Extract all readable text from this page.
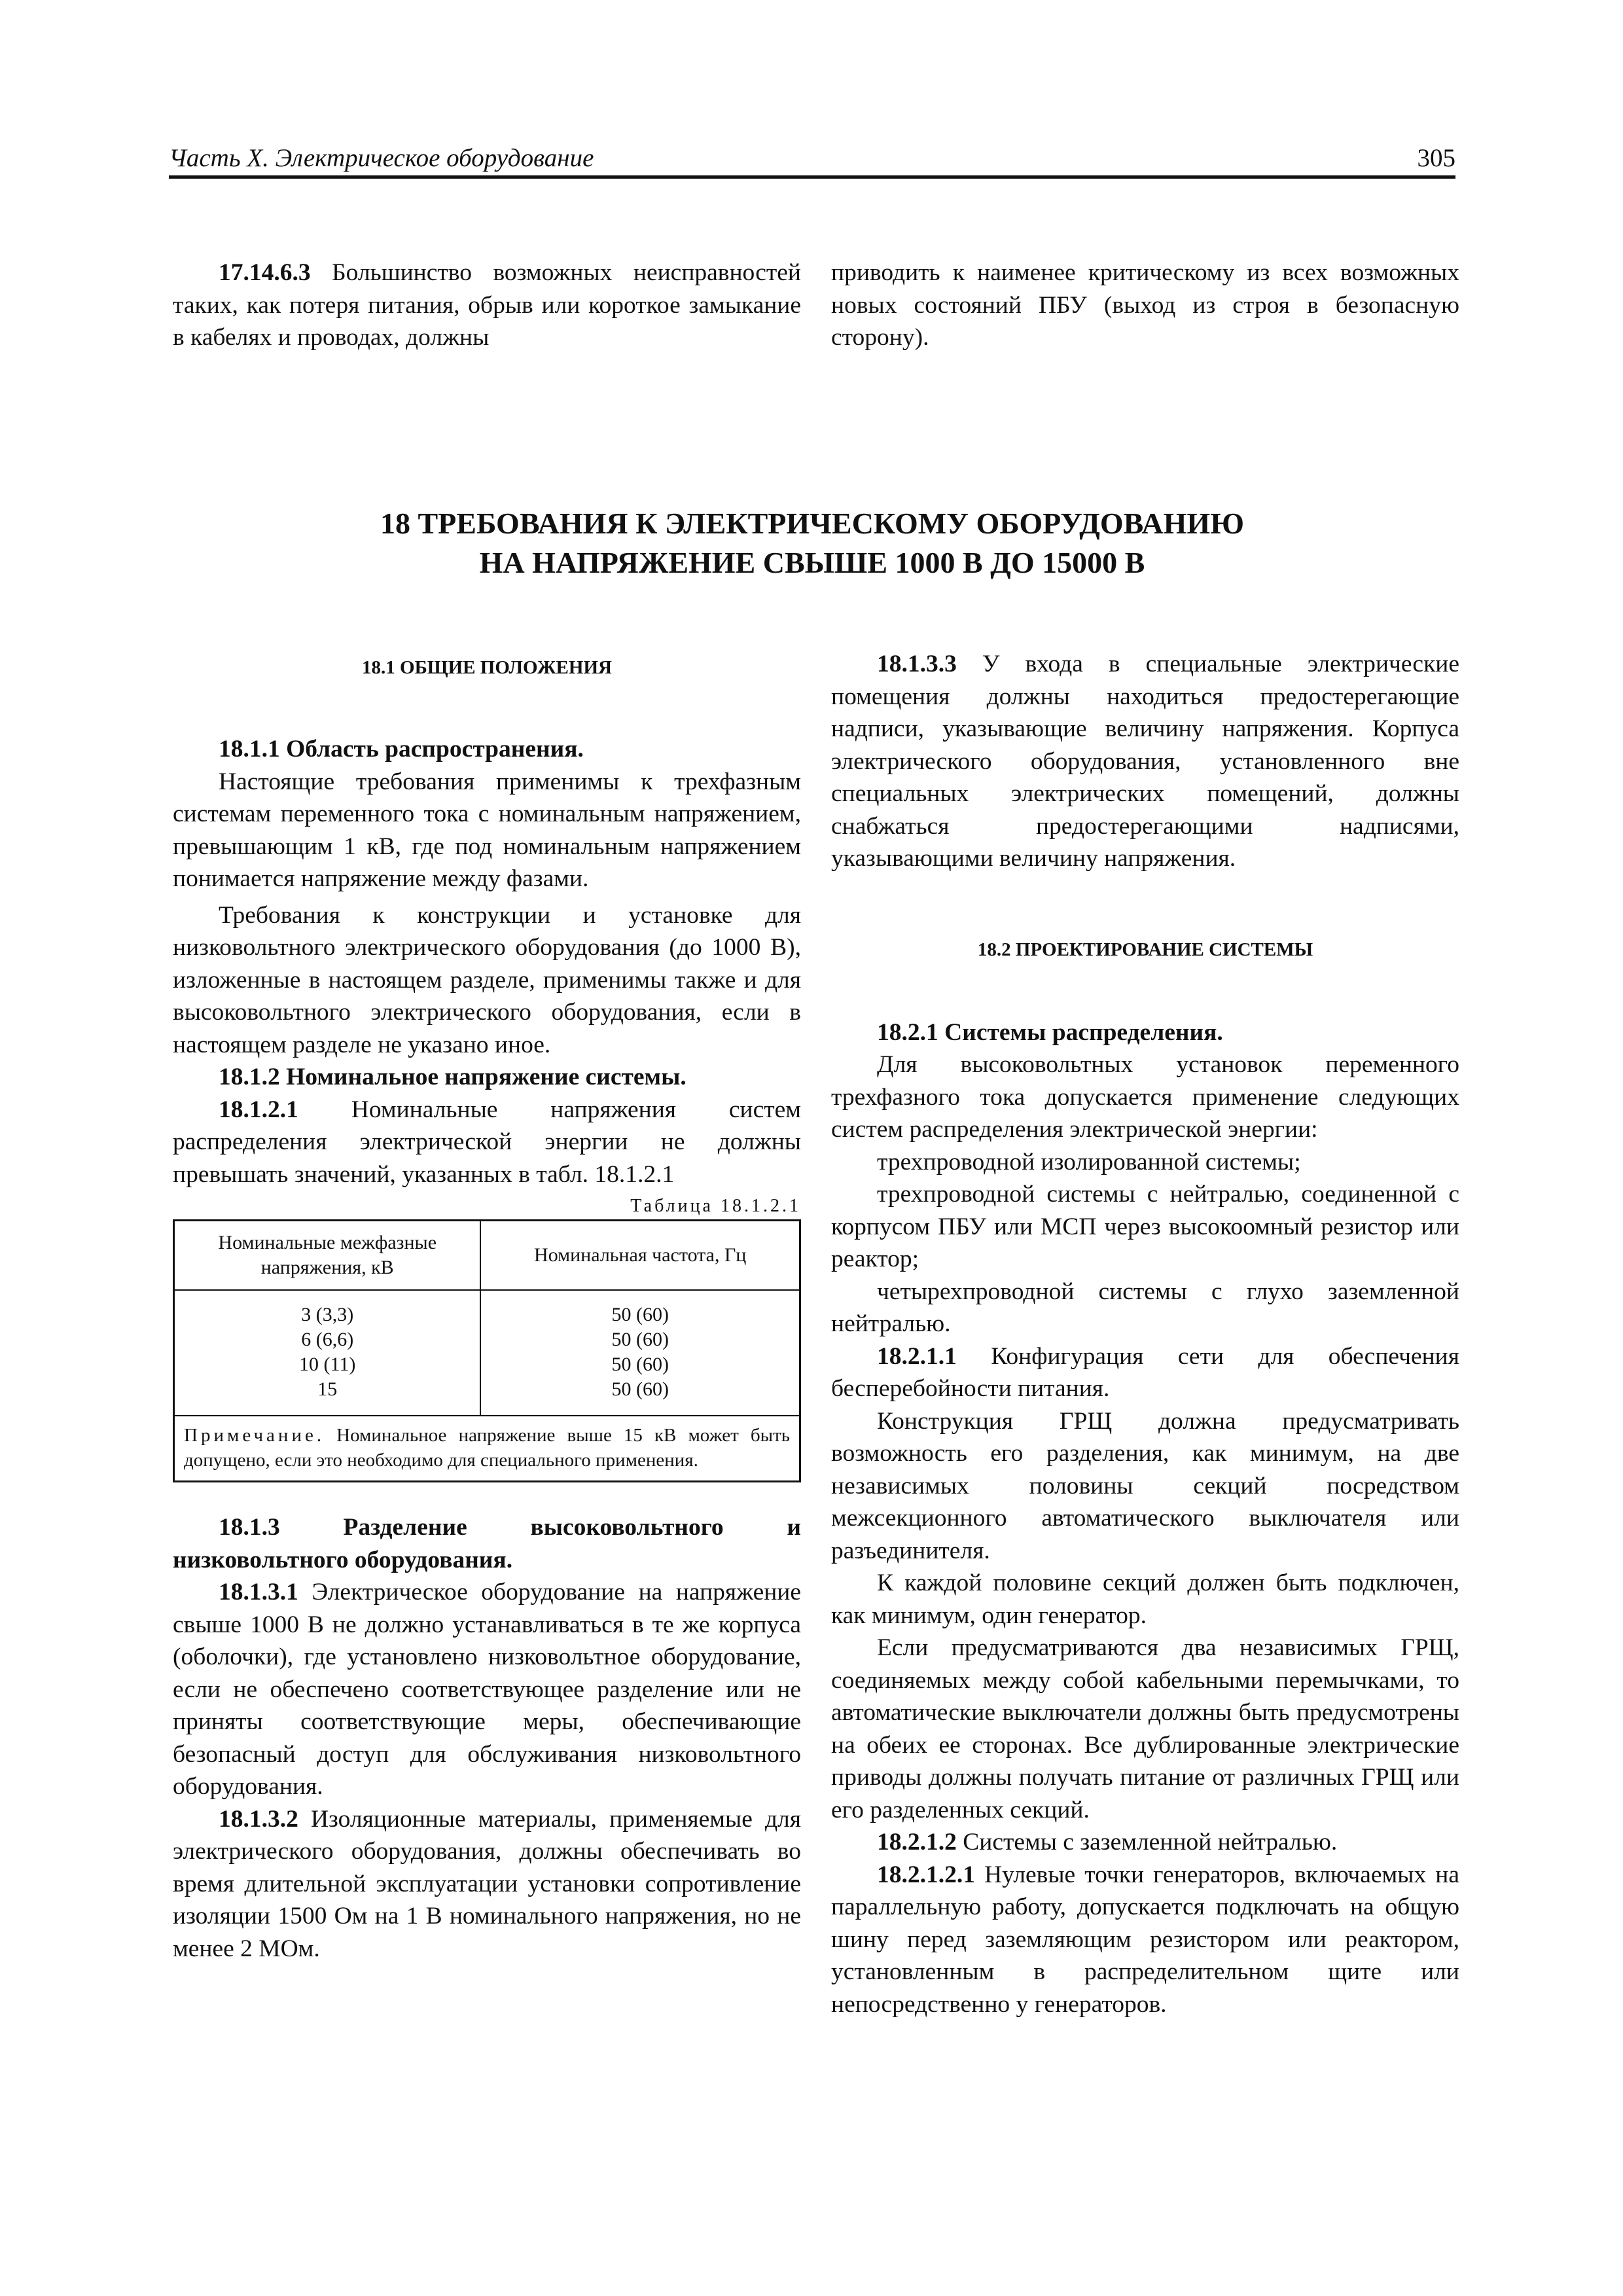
Часть X. Электрическое оборудование	305

17.14.6.3 Большинство возможных неисправностей таких, как потеря питания, обрыв или короткое замыкание в кабелях и проводах, должны

приводить к наименее критическому из всех возможных новых состояний ПБУ (выход из строя в безопасную сторону).

18 ТРЕБОВАНИЯ К ЭЛЕКТРИЧЕСКОМУ ОБОРУДОВАНИЮ
НА НАПРЯЖЕНИЕ СВЫШЕ 1000 В ДО 15000 В

18.1 ОБЩИЕ ПОЛОЖЕНИЯ

18.1.1 Область распространения.

Настоящие требования применимы к трехфазным системам переменного тока с номинальным напряжением, превышающим 1 кВ, где под номинальным напряжением понимается напряжение между фазами.

Требования к конструкции и установке для низковольтного электрического оборудования (до 1000 В), изложенные в настоящем разделе, применимы также и для высоковольтного электрического оборудования, если в настоящем разделе не указано иное.

18.1.2 Номинальное напряжение системы.

18.1.2.1 Номинальные напряжения систем распределения электрической энергии не должны превышать значений, указанных в табл. 18.1.2.1

Таблица 18.1.2.1
Номинальные межфазные напряжения, кВ	Номинальная частота, Гц
3 (3,3)	50 (60)
6 (6,6)	50 (60)
10 (11)	50 (60)
15	50 (60)
Примечание. Номинальное напряжение выше 15 кВ может быть допущено, если это необходимо для специального применения.	

18.1.3 Разделение высоковольтного и низковольтного оборудования.

18.1.3.1 Электрическое оборудование на напряжение свыше 1000 В не должно устанавливаться в те же корпуса (оболочки), где установлено низковольтное оборудование, если не обеспечено соответствующее разделение или не приняты соответствующие меры, обеспечивающие безопасный доступ для обслуживания низковольтного оборудования.

18.1.3.2 Изоляционные материалы, применяемые для электрического оборудования, должны обеспечивать во время длительной эксплуатации установки сопротивление изоляции 1500 Ом на 1 В номинального напряжения, но не менее 2 МОм.

18.1.3.3 У входа в специальные электрические помещения должны находиться предостерегающие надписи, указывающие величину напряжения. Корпуса электрического оборудования, установленного вне специальных электрических помещений, должны снабжаться предостерегающими надписями, указывающими величину напряжения.

18.2 ПРОЕКТИРОВАНИЕ СИСТЕМЫ

18.2.1 Системы распределения.

Для высоковольтных установок переменного трехфазного тока допускается применение следующих систем распределения электрической энергии:

трехпроводной изолированной системы;

трехпроводной системы с нейтралью, соединенной с корпусом ПБУ или МСП через высокоомный резистор или реактор;

четырехпроводной системы с глухо заземленной нейтралью.

18.2.1.1 Конфигурация сети для обеспечения бесперебойности питания.

Конструкция ГРЩ должна предусматривать возможность его разделения, как минимум, на две независимых половины секций посредством межсекционного автоматического выключателя или разъединителя.

К каждой половине секций должен быть подключен, как минимум, один генератор.

Если предусматриваются два независимых ГРЩ, соединяемых между собой кабельными перемычками, то автоматические выключатели должны быть предусмотрены на обеих ее сторонах. Все дублированные электрические приводы должны получать питание от различных ГРЩ или его разделенных секций.

18.2.1.2 Системы с заземленной нейтралью.

18.2.1.2.1 Нулевые точки генераторов, включаемых на параллельную работу, допускается подключать на общую шину перед заземляющим резистором или реактором, установленным в распределительном щите или непосредственно у генераторов.
